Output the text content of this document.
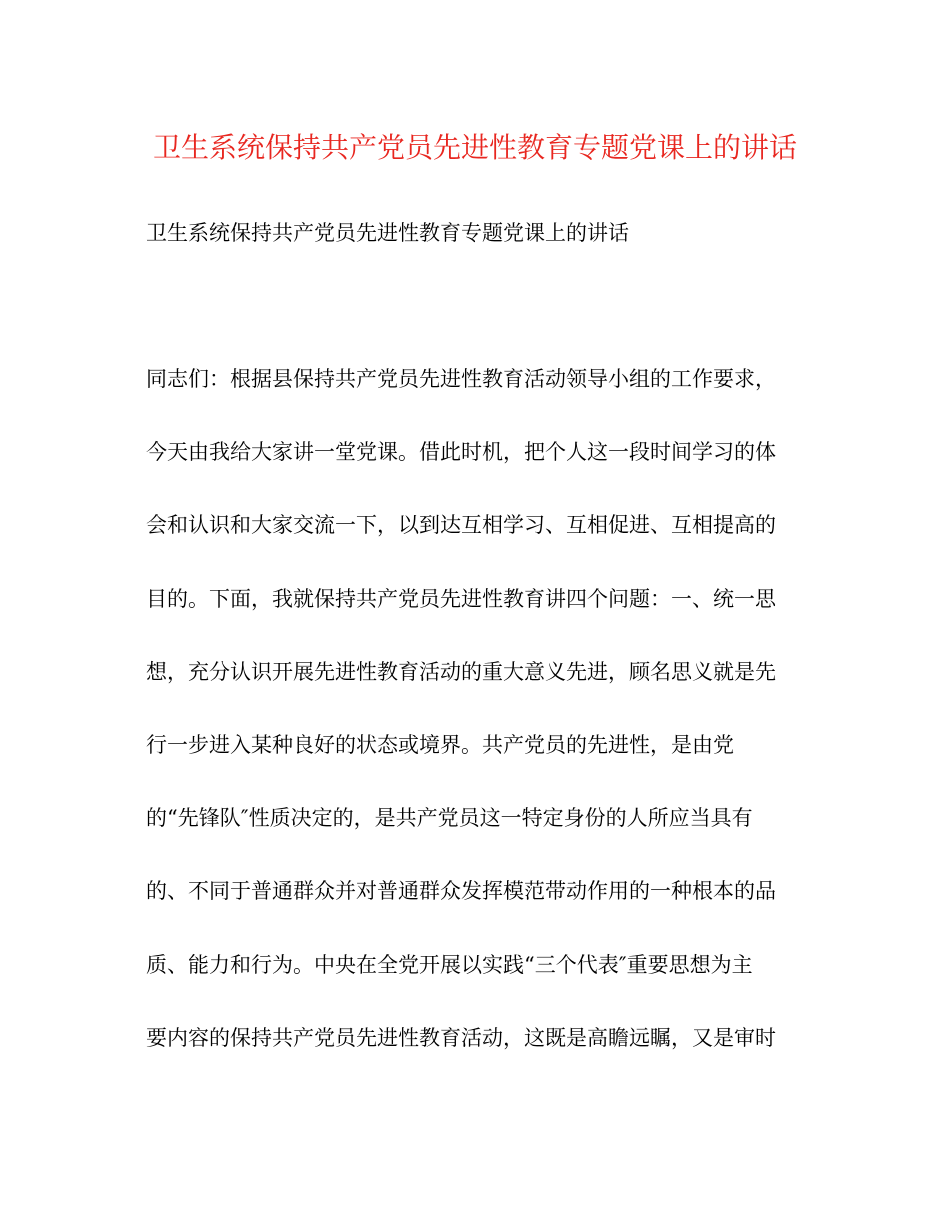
卫生系统保持共产党员先进性教育专题党课上的讲话

卫生系统保持共产党员先进性教育专题党课上的讲话

同志们：根据县保持共产党员先进性教育活动领导小组的工作要求，
今天由我给大家讲一堂党课。借此时机，把个人这一段时间学习的体
会和认识和大家交流一下，以到达互相学习、互相促进、互相提高的
目的。下面，我就保持共产党员先进性教育讲四个问题：一、统一思
想，充分认识开展先进性教育活动的重大意义先进，顾名思义就是先
行一步进入某种良好的状态或境界。共产党员的先进性，是由党
的“先锋队″性质决定的，是共产党员这一特定身份的人所应当具有
的、不同于普通群众并对普通群众发挥模范带动作用的一种根本的品
质、能力和行为。中央在全党开展以实践“三个代表″重要思想为主
要内容的保持共产党员先进性教育活动，这既是高瞻远瞩，又是审时
